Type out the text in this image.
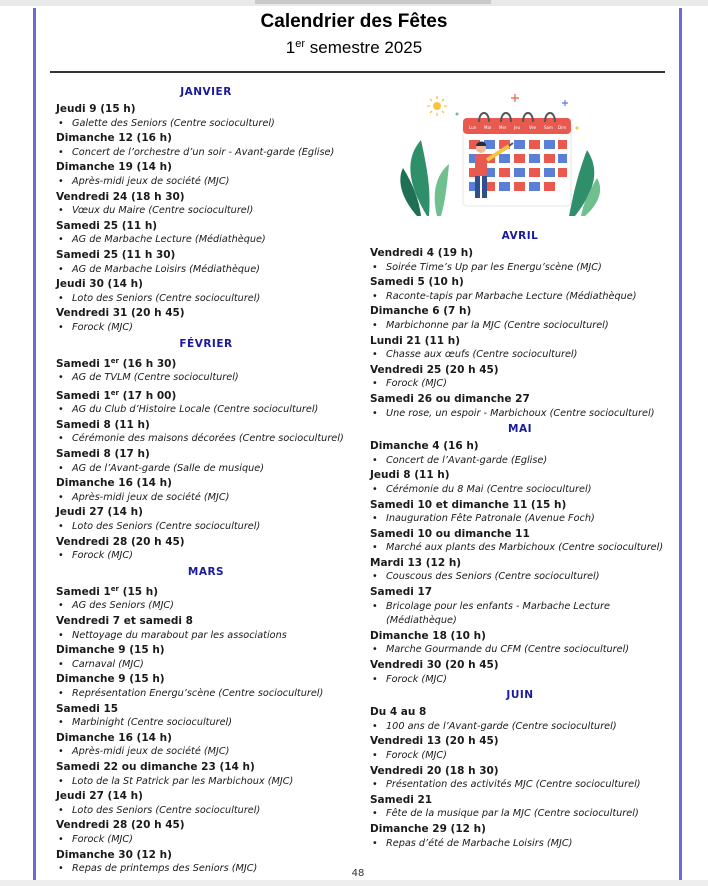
Calendrier des Fêtes
1er semestre 2025
Lun Mar Mer Jeu Ven Sam Dim
JANVIER
Jeudi 9 (15 h)
• Galette des Seniors (Centre socioculturel)
Dimanche 12 (16 h)
• Concert de l’orchestre d’un soir - Avant-garde (Eglise)
Dimanche 19 (14 h)
• Après-midi jeux de société (MJC)
Vendredi 24 (18 h 30)
• Vœux du Maire (Centre socioculturel)
Samedi 25 (11 h)
• AG de Marbache Lecture (Médiathèque)
Samedi 25 (11 h 30)
• AG de Marbache Loisirs (Médiathèque)
Jeudi 30 (14 h)
• Loto des Seniors (Centre socioculturel)
Vendredi 31 (20 h 45)
• Forock (MJC)
FÉVRIER
Samedi 1er (16 h 30)
• AG de TVLM (Centre socioculturel)
Samedi 1er (17 h 00)
• AG du Club d’Histoire Locale (Centre socioculturel)
Samedi 8 (11 h)
• Cérémonie des maisons décorées (Centre socioculturel)
Samedi 8 (17 h)
• AG de l’Avant-garde (Salle de musique)
Dimanche 16 (14 h)
• Après-midi jeux de société (MJC)
Jeudi 27 (14 h)
• Loto des Seniors (Centre socioculturel)
Vendredi 28 (20 h 45)
• Forock (MJC)
MARS
Samedi 1er (15 h)
• AG des Seniors (MJC)
Vendredi 7 et samedi 8
• Nettoyage du marabout par les associations
Dimanche 9 (15 h)
• Carnaval (MJC)
Dimanche 9 (15 h)
• Représentation Energu’scène (Centre socioculturel)
Samedi 15
• Marbinight (Centre socioculturel)
Dimanche 16 (14 h)
• Après-midi jeux de société (MJC)
Samedi 22 ou dimanche 23 (14 h)
• Loto de la St Patrick par les Marbichoux (MJC)
Jeudi 27 (14 h)
• Loto des Seniors (Centre socioculturel)
Vendredi 28 (20 h 45)
• Forock (MJC)
Dimanche 30 (12 h)
• Repas de printemps des Seniors (MJC)
AVRIL
Vendredi 4 (19 h)
• Soirée Time’s Up par les Energu’scène (MJC)
Samedi 5 (10 h)
• Raconte-tapis par Marbache Lecture (Médiathèque)
Dimanche 6 (7 h)
• Marbichonne par la MJC (Centre socioculturel)
Lundi 21 (11 h)
• Chasse aux œufs (Centre socioculturel)
Vendredi 25 (20 h 45)
• Forock (MJC)
Samedi 26 ou dimanche 27
• Une rose, un espoir - Marbichoux (Centre socioculturel)
MAI
Dimanche 4 (16 h)
• Concert de l’Avant-garde (Eglise)
Jeudi 8 (11 h)
• Cérémonie du 8 Mai (Centre socioculturel)
Samedi 10 et dimanche 11 (15 h)
• Inauguration Fête Patronale (Avenue Foch)
Samedi 10 ou dimanche 11
• Marché aux plants des Marbichoux (Centre socioculturel)
Mardi 13 (12 h)
• Couscous des Seniors (Centre socioculturel)
Samedi 17
• Bricolage pour les enfants - Marbache Lecture (Médiathèque)
Dimanche 18 (10 h)
• Marche Gourmande du CFM (Centre socioculturel)
Vendredi 30 (20 h 45)
• Forock (MJC)
JUIN
Du 4 au 8
• 100 ans de l’Avant-garde (Centre socioculturel)
Vendredi 13 (20 h 45)
• Forock (MJC)
Vendredi 20 (18 h 30)
• Présentation des activités MJC (Centre socioculturel)
Samedi 21
• Fête de la musique par la MJC (Centre socioculturel)
Dimanche 29 (12 h)
• Repas d’été de Marbache Loisirs (MJC)
48
